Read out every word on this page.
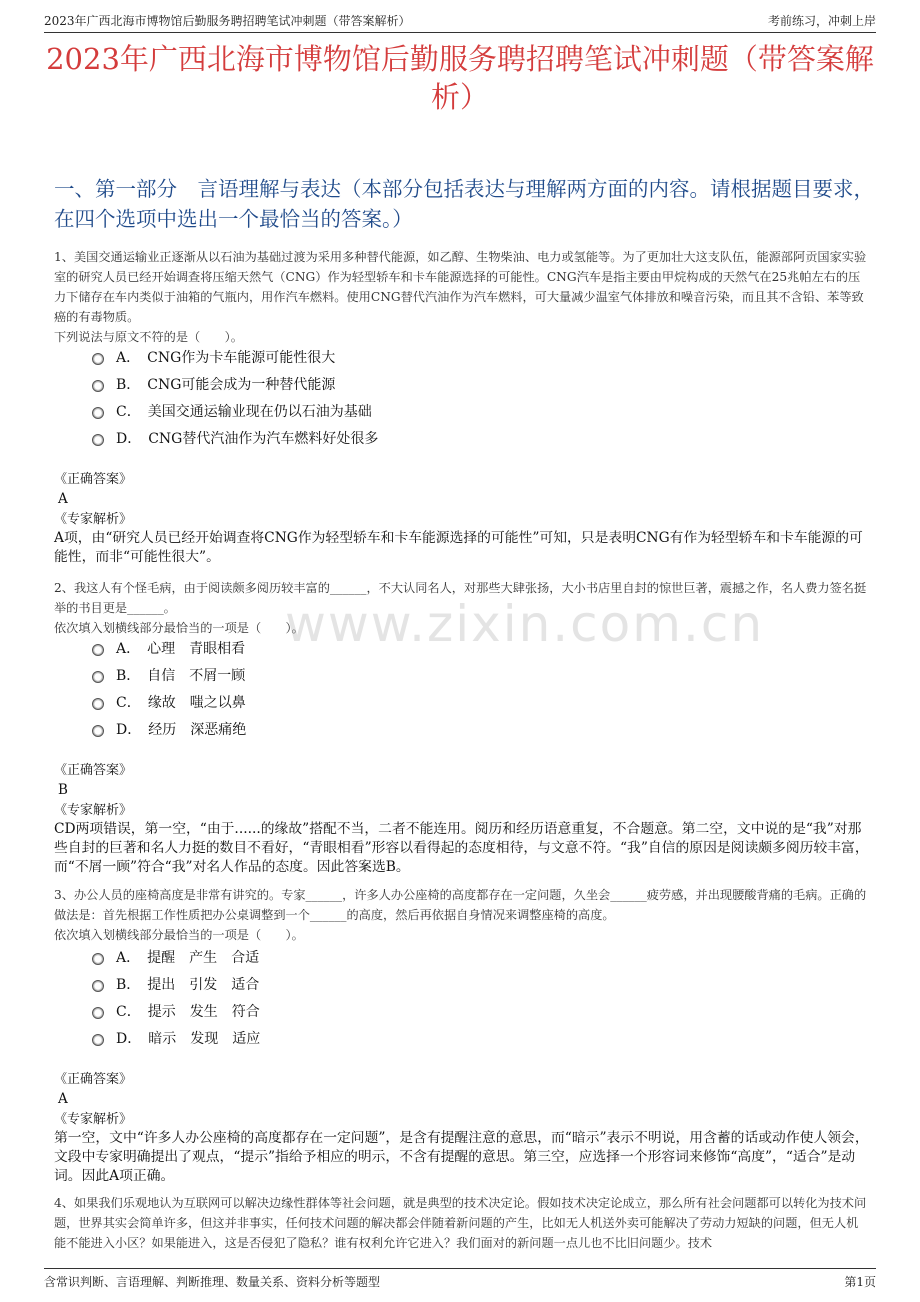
2023年广西北海市博物馆后勤服务聘招聘笔试冲刺题（带答案解析）	考前练习，冲刺上岸
2023年广西北海市博物馆后勤服务聘招聘笔试冲刺题（带答案解析）
一、第一部分　言语理解与表达（本部分包括表达与理解两方面的内容。请根据题目要求，在四个选项中选出一个最恰当的答案。）
www.zixin.com.cn
1、美国交通运输业正逐渐从以石油为基础过渡为采用多种替代能源，如乙醇、生物柴油、电力或氢能等。为了更加壮大这支队伍，能源部阿贡国家实验室的研究人员已经开始调查将压缩天然气（CNG）作为轻型轿车和卡车能源选择的可能性。CNG汽车是指主要由甲烷构成的天然气在25兆帕左右的压力下储存在车内类似于油箱的气瓶内，用作汽车燃料。使用CNG替代汽油作为汽车燃料，可大量减少温室气体排放和噪音污染，而且其不含铅、苯等致癌的有毒物质。
下列说法与原文不符的是（　　）。
A．　CNG作为卡车能源可能性很大
B．　CNG可能会成为一种替代能源
C．　美国交通运输业现在仍以石油为基础
D．　CNG替代汽油作为汽车燃料好处很多
《正确答案》
A
《专家解析》
A项，由“研究人员已经开始调查将CNG作为轻型轿车和卡车能源选择的可能性”可知，只是表明CNG有作为轻型轿车和卡车能源的可能性，而非“可能性很大”。
2、我这人有个怪毛病，由于阅读颇多阅历较丰富的______，不大认同名人，对那些大肆张扬，大小书店里自封的惊世巨著，震撼之作，名人费力签名挺举的书目更是______。
依次填入划横线部分最恰当的一项是（　　）。
A．　心理　青眼相看
B．　自信　不屑一顾
C．　缘故　嗤之以鼻
D．　经历　深恶痛绝
《正确答案》
B
《专家解析》
CD两项错误，第一空，“由于......的缘故”搭配不当，二者不能连用。阅历和经历语意重复，不合题意。第二空，文中说的是“我”对那些自封的巨著和名人力挺的数目不看好，“青眼相看”形容以看得起的态度相待，与文意不符。“我”自信的原因是阅读颇多阅历较丰富，而“不屑一顾”符合“我”对名人作品的态度。因此答案选B。
3、办公人员的座椅高度是非常有讲究的。专家______，许多人办公座椅的高度都存在一定问题，久坐会______疲劳感，并出现腰酸背痛的毛病。正确的做法是：首先根据工作性质把办公桌调整到一个______的高度，然后再依据自身情况来调整座椅的高度。
依次填入划横线部分最恰当的一项是（　　）。
A．　提醒　产生　合适
B．　提出　引发　适合
C．　提示　发生　符合
D．　暗示　发现　适应
《正确答案》
A
《专家解析》
第一空，文中“许多人办公座椅的高度都存在一定问题”，是含有提醒注意的意思，而“暗示”表示不明说，用含蓄的话或动作使人领会，文段中专家明确提出了观点，“提示”指给予相应的明示，不含有提醒的意思。第三空，应选择一个形容词来修饰“高度”，“适合”是动词。因此A项正确。
4、如果我们乐观地认为互联网可以解决边缘性群体等社会问题，就是典型的技术决定论。假如技术决定论成立，那么所有社会问题都可以转化为技术问题，世界其实会简单许多，但这并非事实，任何技术问题的解决都会伴随着新问题的产生，比如无人机送外卖可能解决了劳动力短缺的问题，但无人机能不能进入小区？如果能进入，这是否侵犯了隐私？谁有权利允许它进入？我们面对的新问题一点儿也不比旧问题少。技术
含常识判断、言语理解、判断推理、数量关系、资料分析等题型	第1页
